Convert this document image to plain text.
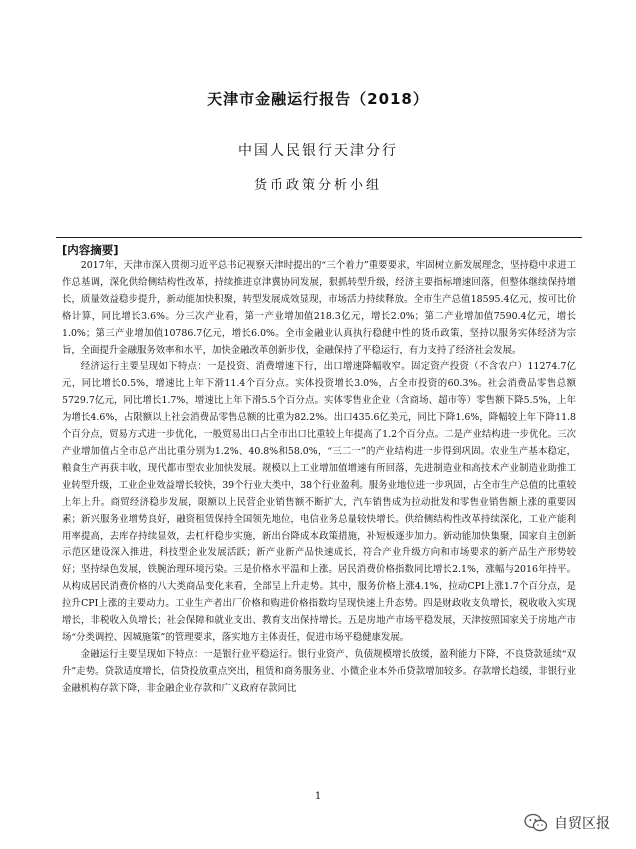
天津市金融运行报告（2018）
中国人民银行天津分行
货币政策分析小组
[内容摘要]

2017年，天津市深入贯彻习近平总书记视察天津时提出的“三个着力”重要要求，牢固树立新发展理念，坚持稳中求进工作总基调，深化供给侧结构性改革，持续推进京津冀协同发展，狠抓转型升级，经济主要指标增速回落，但整体继续保持增长，质量效益稳步提升，新动能加快积聚，转型发展成效显现，市场活力持续释放。全市生产总值18595.4亿元，按可比价格计算，同比增长3.6%。分三次产业看，第一产业增加值218.3亿元，增长2.0%；第二产业增加值7590.4亿元，增长1.0%；第三产业增加值10786.7亿元，增长6.0%。全市金融业认真执行稳健中性的货币政策，坚持以服务实体经济为宗旨，全面提升金融服务效率和水平，加快金融改革创新步伐，金融保持了平稳运行，有力支持了经济社会发展。

经济运行主要呈现如下特点：一是投资、消费增速下行，出口增速降幅收窄。固定资产投资（不含农户）11274.7亿元，同比增长0.5%，增速比上年下滑11.4个百分点。实体投资增长3.0%，占全市投资的60.3%。社会消费品零售总额5729.7亿元，同比增长1.7%，增速比上年下滑5.5个百分点。实体零售业企业（含商场、超市等）零售额下降5.5%，上年为增长4.6%，占限额以上社会消费品零售总额的比重为82.2%。出口435.6亿美元，同比下降1.6%，降幅较上年下降11.8个百分点，贸易方式进一步优化，一般贸易出口占全市出口比重较上年提高了1.2个百分点。二是产业结构进一步优化。三次产业增加值占全市总产出比重分别为1.2%、40.8%和58.0%，“三二一”的产业结构进一步得到巩固。农业生产基本稳定，粮食生产再获丰收，现代都市型农业加快发展。规模以上工业增加值增速有所回落，先进制造业和高技术产业制造业助推工业转型升级，工业企业效益增长较快，39个行业大类中，38个行业盈利。服务业地位进一步巩固，占全市生产总值的比重较上年上升。商贸经济稳步发展，限额以上民营企业销售额不断扩大，汽车销售成为拉动批发和零售业销售额上涨的重要因素；新兴服务业增势良好，融资租赁保持全国领先地位，电信业务总量较快增长。供给侧结构性改革持续深化，工业产能利用率提高，去库存持续显效，去杠杆稳步实施，新出台降成本政策措施，补短板逐步加力。新动能加快集聚，国家自主创新示范区建设深入推进，科技型企业发展活跃；新产业新产品快速成长，符合产业升级方向和市场要求的新产品生产形势较好；坚持绿色发展，铁腕治理环境污染。三是价格水平温和上涨。居民消费价格指数同比增长2.1%，涨幅与2016年持平。从构成居民消费价格的八大类商品变化来看，全部呈上升走势。其中，服务价格上涨4.1%，拉动CPI上涨1.7个百分点，是拉升CPI上涨的主要动力。工业生产者出厂价格和购进价格指数均呈现快速上升态势。四是财政收支负增长，税收收入实现增长，非税收入负增长；社会保障和就业支出、教育支出保持增长。五是房地产市场平稳发展，天津按照国家关于房地产市场“分类调控、因城施策”的管理要求，落实地方主体责任，促进市场平稳健康发展。

金融运行主要呈现如下特点：一是银行业平稳运行。银行业资产、负债规模增长放缓，盈利能力下降，不良贷款延续“双升”走势。贷款适度增长，信贷投放重点突出，租赁和商务服务业、小微企业本外币贷款增加较多。存款增长趋缓，非银行业金融机构存款下降，非金融企业存款和广义政府存款同比

1
自贸区报
